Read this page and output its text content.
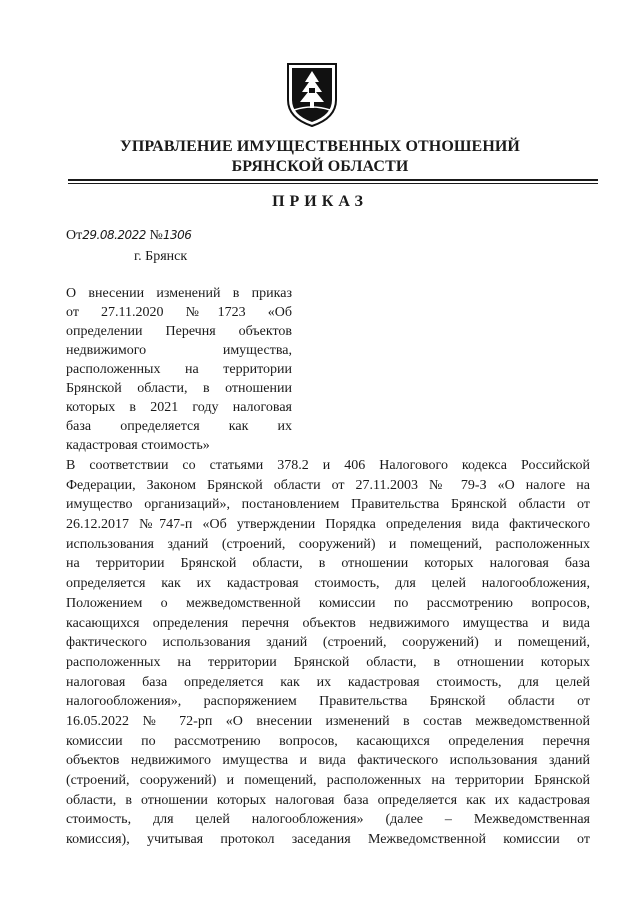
УПРАВЛЕНИЕ ИМУЩЕСТВЕННЫХ ОТНОШЕНИЙ
БРЯНСКОЙ ОБЛАСТИ
ПРИКАЗ
От29.08.2022 №1306
г. Брянск
О внесении изменений в приказ
от 27.11.2020 №1723 «Об
определении Перечня объектов
недвижимого имущества,
расположенных на территории
Брянской области, в отношении
которых в 2021 году налоговая
база определяется как их
кадастровая стоимость»
В соответствии со статьями 378.2 и 406 Налогового кодекса Российской
Федерации, Законом Брянской области от 27.11.2003 № 79-З «О налоге на
имущество организаций», постановлением Правительства Брянской области от
26.12.2017 №747-п «Об утверждении Порядка определения вида фактического
использования зданий (строений, сооружений) и помещений, расположенных
на территории Брянской области, в отношении которых налоговая база
определяется как их кадастровая стоимость, для целей налогообложения,
Положением о межведомственной комиссии по рассмотрению вопросов,
касающихся определения перечня объектов недвижимого имущества и вида
фактического использования зданий (строений, сооружений) и помещений,
расположенных на территории Брянской области, в отношении которых
налоговая база определяется как их кадастровая стоимость, для целей
налогообложения», распоряжением Правительства Брянской области от
16.05.2022 № 72-рп «О внесении изменений в состав межведомственной
комиссии по рассмотрению вопросов, касающихся определения перечня
объектов недвижимого имущества и вида фактического использования зданий
(строений, сооружений) и помещений, расположенных на территории Брянской
области, в отношении которых налоговая база определяется как их кадастровая
стоимость, для целей налогообложения» (далее – Межведомственная
комиссия), учитывая протокол заседания Межведомственной комиссии от
